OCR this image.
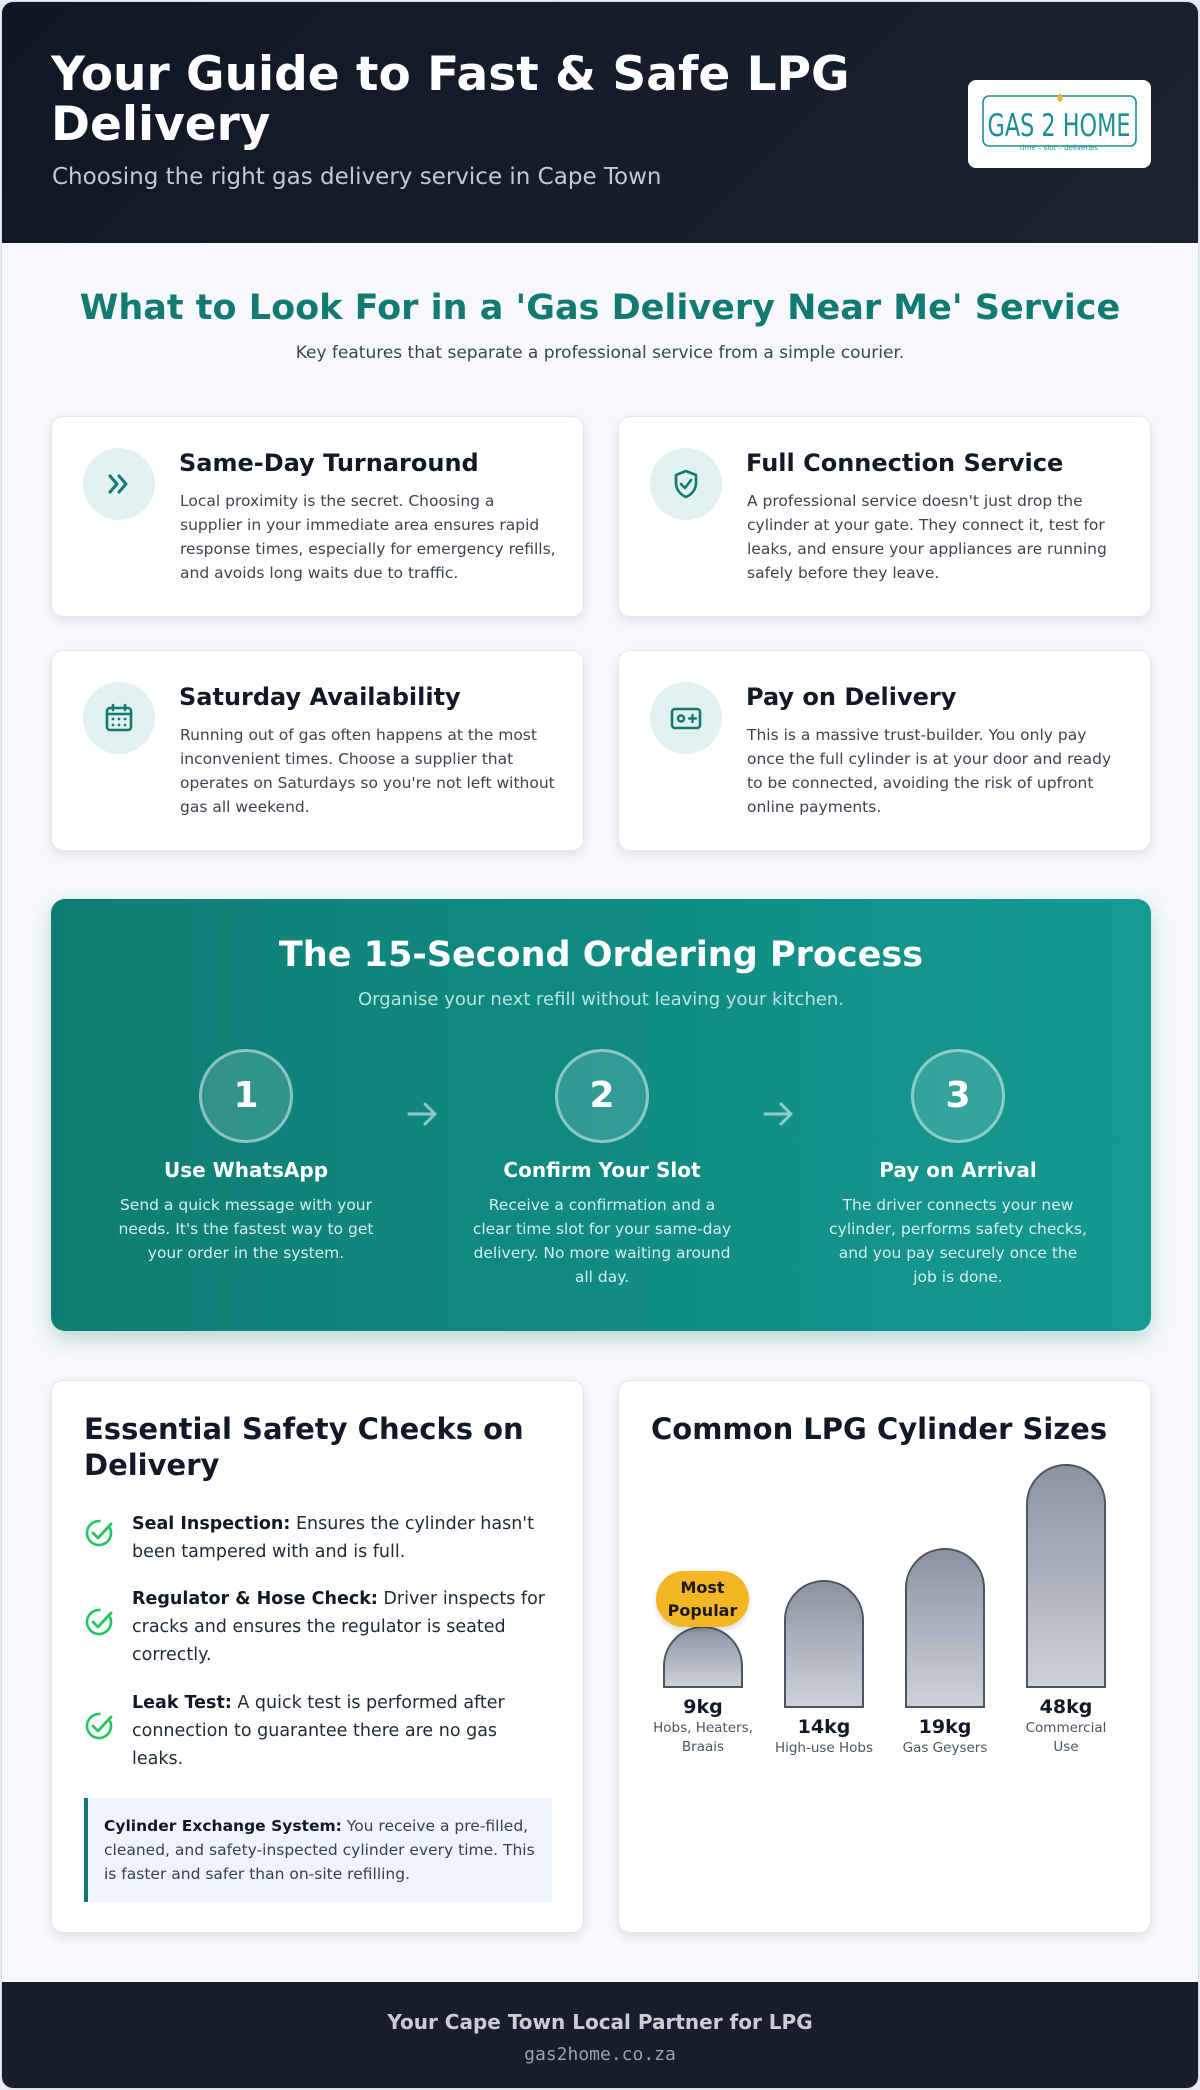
Your Guide to Fast & Safe LPG Delivery
Choosing the right gas delivery service in Cape Town
GAS 2 HOME
time – slot – deliveries
What to Look For in a 'Gas Delivery Near Me' Service
Key features that separate a professional service from a simple courier.
Same-Day Turnaround

Local proximity is the secret. Choosing a supplier in your immediate area ensures rapid response times, especially for emergency refills, and avoids long waits due to traffic.

Full Connection Service

A professional service doesn't just drop the cylinder at your gate. They connect it, test for leaks, and ensure your appliances are running safely before they leave.

Saturday Availability

Running out of gas often happens at the most inconvenient times. Choose a supplier that operates on Saturdays so you're not left without gas all weekend.

Pay on Delivery

This is a massive trust-builder. You only pay once the full cylinder is at your door and ready to be connected, avoiding the risk of upfront online payments.

The 15-Second Ordering Process
Organise your next refill without leaving your kitchen.
1
Use WhatsApp

Send a quick message with your needs. It's the fastest way to get your order in the system.

2
Confirm Your Slot

Receive a confirmation and a clear time slot for your same-day delivery. No more waiting around all day.

3
Pay on Arrival

The driver connects your new cylinder, performs safety checks, and you pay securely once the job is done.

Essential Safety Checks on Delivery

Seal Inspection: Ensures the cylinder hasn't been tampered with and is full.

Regulator & Hose Check: Driver inspects for cracks and ensures the regulator is seated correctly.

Leak Test: A quick test is performed after connection to guarantee there are no gas leaks.

Cylinder Exchange System: You receive a pre-filled, cleaned, and safety-inspected cylinder every time. This is faster and safer than on-site refilling.

Common LPG Cylinder Sizes
Most Popular
9kg
Hobs, Heaters, Braais
14kg
High-use Hobs
19kg
Gas Geysers
48kg
Commercial Use
Your Cape Town Local Partner for LPG
gas2home.co.za
